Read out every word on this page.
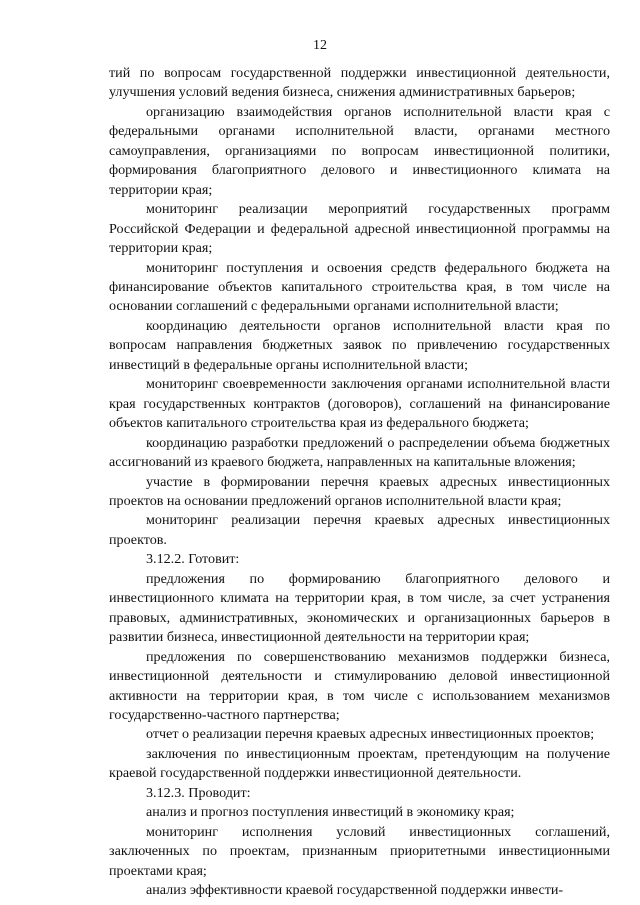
12

тий по вопросам государственной поддержки инвестиционной деятельности, улучшения условий ведения бизнеса, снижения административных барьеров;

организацию взаимодействия органов исполнительной власти края с федеральными органами исполнительной власти, органами местного самоуправления, организациями по вопросам инвестиционной политики, формирования благоприятного делового и инвестиционного климата на территории края;

мониторинг реализации мероприятий государственных программ Российской Федерации и федеральной адресной инвестиционной программы на территории края;

мониторинг поступления и освоения средств федерального бюджета на финансирование объектов капитального строительства края, в том числе на основании соглашений с федеральными органами исполнительной власти;

координацию деятельности органов исполнительной власти края по вопросам направления бюджетных заявок по привлечению государственных инвестиций в федеральные органы исполнительной власти;

мониторинг своевременности заключения органами исполнительной власти края государственных контрактов (договоров), соглашений на финансирование объектов капитального строительства края из федерального бюджета;

координацию разработки предложений о распределении объема бюджетных ассигнований из краевого бюджета, направленных на капитальные вложения;

участие в формировании перечня краевых адресных инвестиционных проектов на основании предложений органов исполнительной власти края;

мониторинг реализации перечня краевых адресных инвестиционных проектов.

3.12.2. Готовит:

предложения по формированию благоприятного делового и инвестиционного климата на территории края, в том числе, за счет устранения правовых, административных, экономических и организационных барьеров в развитии бизнеса, инвестиционной деятельности на территории края;

предложения по совершенствованию механизмов поддержки бизнеса, инвестиционной деятельности и стимулированию деловой инвестиционной активности на территории края, в том числе с использованием механизмов государственно-частного партнерства;

отчет о реализации перечня краевых адресных инвестиционных проектов;

заключения по инвестиционным проектам, претендующим на получение краевой государственной поддержки инвестиционной деятельности.

3.12.3. Проводит:

анализ и прогноз поступления инвестиций в экономику края;

мониторинг исполнения условий инвестиционных соглашений, заключенных по проектам, признанным приоритетными инвестиционными проектами края;

анализ эффективности краевой государственной поддержки инвести-
